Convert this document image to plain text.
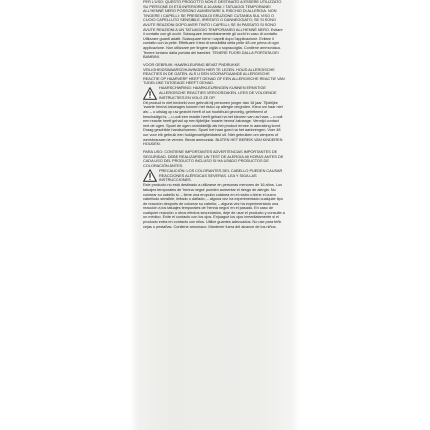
PER L'USO: QUESTO PRODOTTO NON È DESTINATO A ESSERE UTILIZZATO SU PERSONE DI ETÀ INFERIORE A 16 ANNI. I TATUAGGI TEMPORANEI ALL'HENNÈ NERO POSSONO AUMENTARE IL RISCHIO DI ALLERGIA. NON TINGERE I CAPELLI: SE PRESENZA DI ERUZIONE CUTANEA SUL VISO O CUOIO CAPELLUTO SENSIBILE, IRRITATO O DANNEGGIATO; SE SI SONO AVUTE REAZIONI DOPO AVER TINTO I CAPELLI; SE IN PASSATO SI SONO AVUTE REAZIONI A UN TATUAGGIO TEMPORANEO ALL'HENNÈ NERO. Evitare il contatto con gli occhi. Sciacquare immediatamente gli occhi in caso di contatto. Utilizzare guanti adatti. Sciacquare bene i capelli dopo l'applicazione. Evitare il contatto con la pelle. Effettuare il test di sensibilità della pelle 48 ore prima di ogni applicazione. Non utilizzare per tingere ciglia o sopracciglia. Contiene ammoniaca. Tenere lontano dalla portata dei bambini. TENERE FUORI DALLA PORTATA DEI BAMBINI.

VOOR GEBRUIK: HAARKLEURING BEVAT PNDRUKKE VEILIGHEIDSWAARSCHUWINGEN HIER TE LEZEN. HOUD ALLERGISCHE REACTIES IN DE GATEN. ALS U EEN VOORAFGAANDE ALLERGISCHE REACTIE OP HAARVERF HEEFT GEHAD OF EEN ALLERGISCHE REACTIE VAN TIJDELIJKE TATOEAGE HEEFT GEHAD.

HAARSCHWRING: HAARKLEURINGEN KUNNEN ERNSTIGE ALLERGISCHE REACTIES VEROORZAKEN. LEES DE VOLGENDE INSTRUCTIES EN VOLG ZE OP.

Dit product is niet bedoeld voor gebruik bij personen jonger dan 16 jaar. Tijdelijke 'zwarte henna'-tatoeages kunnen het risico op allergie vergroten. Kleur uw haar niet als: – u uitslag op uw gezicht heeft of uw hoofdhuid gevoelig, geïrriteerd of beschadigd is; – u ooit een reactie heeft gehad na het kleuren van uw haar; – u ooit een reactie heeft gehad op een tijdelijke 'zwarte henna'-tatoeage. Vermijd contact met de ogen. Spoel de ogen onmiddellijk als het product ermee in aanraking komt. Draag geschikte handschoenen. Spoel het haar goed na het aanbrengen. Voer 48 uur voor elk gebruik een huidgevoeligheidstest uit. Niet gebruiken om wimpers of wenkbrauwen te verven. Bevat ammoniak. BUITEN HET BEREIK VAN KINDEREN HOUDEN.

PARA USO: CONTIENE IMPORTANTES ADVERTENCIAS IMPORTANTES DE SEGURIDAD. DEBE REALIZARSE UN TEST DE ALERGIA 48 HORAS ANTES DE CADA USO DEL PRODUCTO INCLUSO SI HA USADO PRODUCTOS DE COLORACIÓN ANTES.

PRECAUCIÓN: LOS COLORANTES DEL CABELLO PUEDEN CAUSAR REACCIONES ALÉRGICAS SEVERAS. LEA Y SIGA LAS INSTRUCCIONES.

Este producto no está destinado a utilizarse en personas menores de 16 años. Los tatuajes temporales de 'henna negra' pueden aumentar el riesgo de alergia. No colorear su cabello si: – tiene una erupción cutánea en el rostro o tiene el cuero cabelludo sensible, irritado o dañado; – alguna vez ha experimentado cualquier tipo de reacción después de colorear su cabello; – alguna vez ha experimentado una reacción a los tatuajes temporales de 'henna negra' en el pasado. En caso de cualquier reacción u otros efectos secundarios, deje de usar el producto y consulte a un médico. Evite el contacto con los ojos. Enjuague los ojos inmediatamente si el producto entra en contacto con ellos. Utilice guantes adecuados. No use para teñir cejas o pestañas. Contiene amoníaco. Mantener fuera del alcance de los niños.
